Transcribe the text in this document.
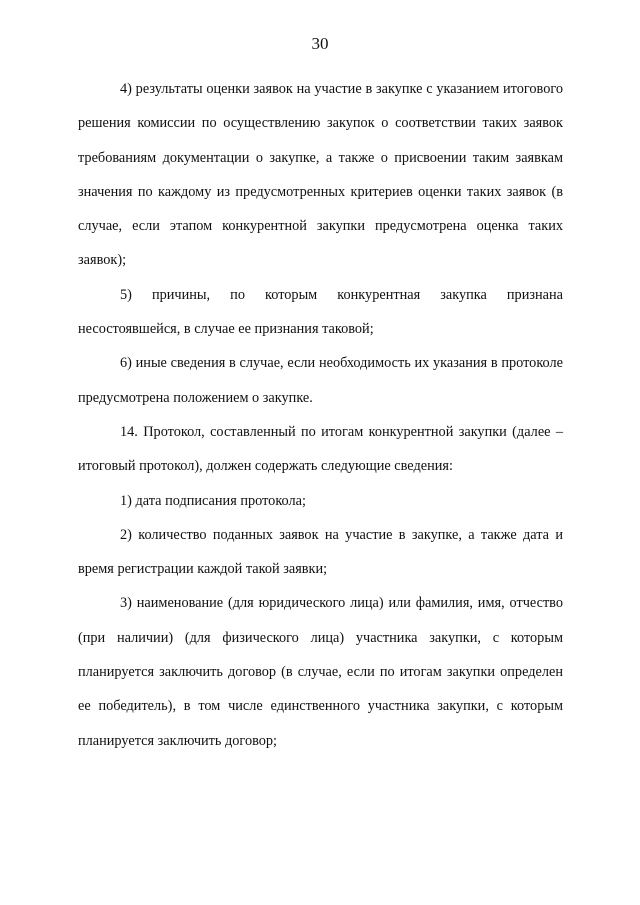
30

4) результаты оценки заявок на участие в закупке с указанием итогового решения комиссии по осуществлению закупок о соответствии таких заявок требованиям документации о закупке, а также о присвоении таким заявкам значения по каждому из предусмотренных критериев оценки таких заявок (в случае, если этапом конкурентной закупки предусмотрена оценка таких заявок);

5) причины, по которым конкурентная закупка признана несостоявшейся, в случае ее признания таковой;

6) иные сведения в случае, если необходимость их указания в протоколе предусмотрена положением о закупке.

14. Протокол, составленный по итогам конкурентной закупки (далее – итоговый протокол), должен содержать следующие сведения:

1) дата подписания протокола;

2) количество поданных заявок на участие в закупке, а также дата и время регистрации каждой такой заявки;

3) наименование (для юридического лица) или фамилия, имя, отчество (при наличии) (для физического лица) участника закупки, с которым планируется заключить договор (в случае, если по итогам закупки определен ее победитель), в том числе единственного участника закупки, с которым планируется заключить договор;
